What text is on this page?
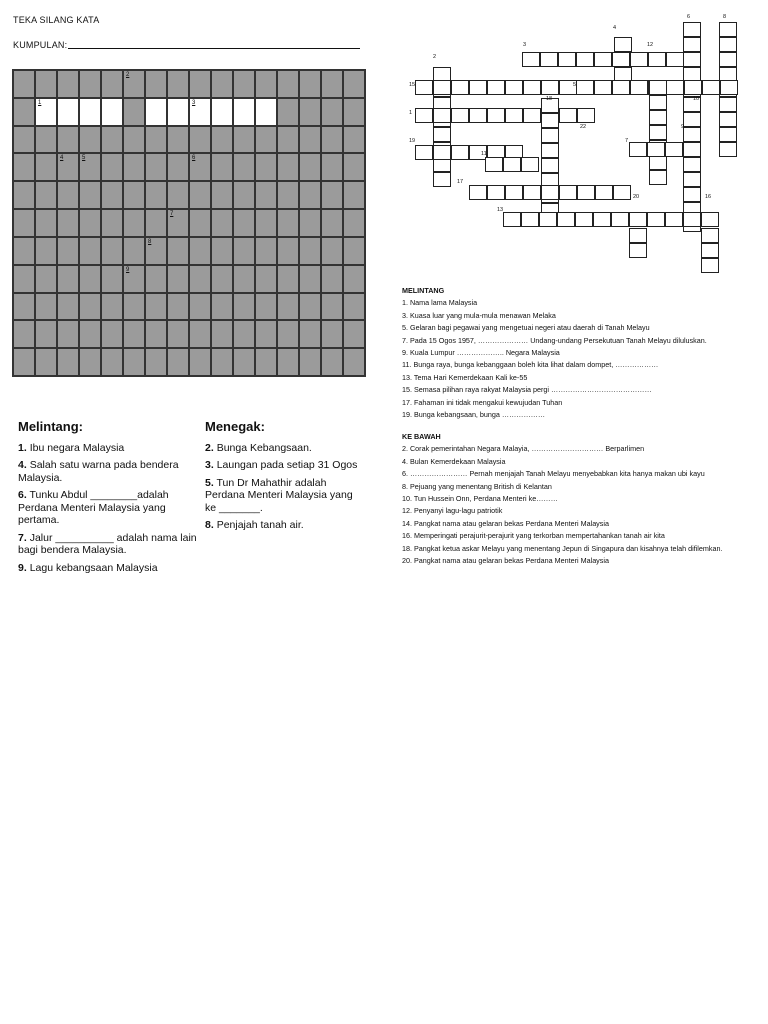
TEKA SILANG KATA
KUMPULAN:
2
1	3
4	5	6
7
8
9
Melintang:
1. Ibu negara Malaysia
4. Salah satu warna pada bendera Malaysia.
6. Tunku Abdul ________adalah Perdana Menteri Malaysia yang pertama.
7. Jalur __________ adalah nama lain bagi bendera Malaysia.
9. Lagu kebangsaan Malaysia
Menegak:
2. Bunga Kebangsaan.
3. Laungan pada setiap 31 Ogos
5. Tun Dr Mahathir adalah Perdana Menteri Malaysia yang ke _______.
8. Penjajah tanah air.
6	8
4
3	12
2
15	5
18	10
1
22	9
19	7
11
17
20	16
13
MELINTANG
1. Nama lama Malaysia
3. Kuasa luar yang mula-mula menawan Melaka
5. Gelaran bagi pegawai yang mengetuai negeri atau daerah di Tanah Melayu
7. Pada 15 Ogos 1957, ………………… Undang-undang Persekutuan Tanah Melayu diluluskan.
9. Kuala Lumpur ……………….. Negara Malaysia
11. Bunga raya, bunga kebanggaan boleh kita lihat dalam dompet, ………………
13. Tema Hari Kemerdekaan Kali ke-55
15. Semasa pilihan raya rakyat Malaysia pergi ……………………………………
17. Fahaman ini tidak mengakui kewujudan Tuhan
19. Bunga kebangsaan, bunga ………………
KE BAWAH
2. Corak pemerintahan Negara Malayia, ………………………… Berparlimen
4. Bulan Kemerdekaan Malaysia
6. …………………… Pernah menjajah Tanah Melayu menyebabkan kita hanya makan ubi kayu
8. Pejuang yang menentang British di Kelantan
10. Tun Hussein Onn, Perdana Menteri ke………
12. Penyanyi lagu-lagu patriotik
14. Pangkat nama atau gelaran bekas Perdana Menteri Malaysia
16. Memperingati perajurit-perajurit yang terkorban mempertahankan tanah air kita
18. Pangkat ketua askar Melayu yang menentang Jepun di Singapura dan kisahnya telah difilemkan.
20. Pangkat nama atau gelaran bekas Perdana Menteri Malaysia
